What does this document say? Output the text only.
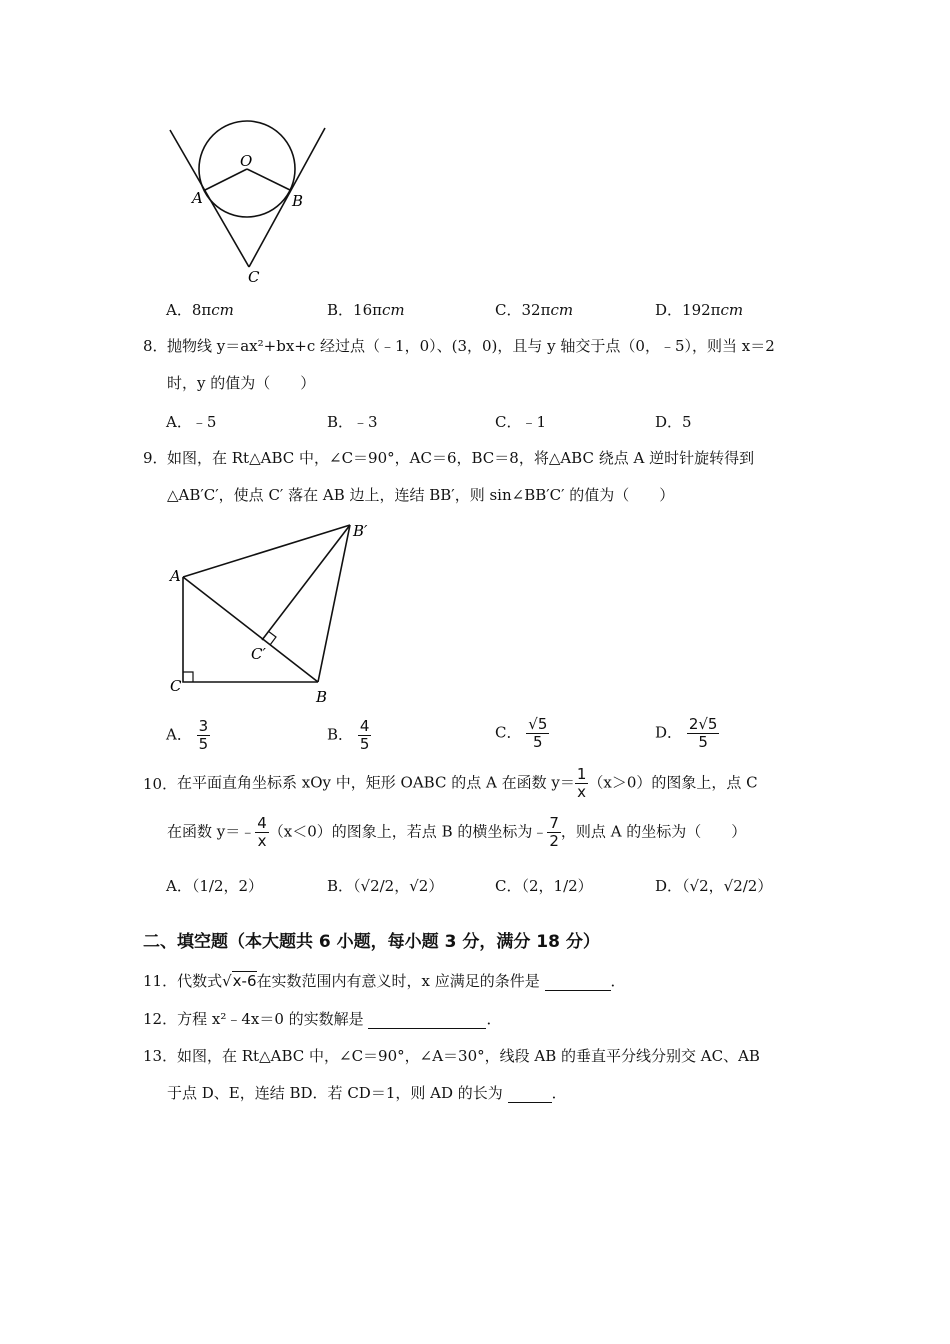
O
A	B
C
A．8πcm	B．16πcm	C．32πcm	D．192πcm
8． 抛物线 y＝ax²+bx+c 经过点（﹣1，0）、(3，0)，且与 y 轴交于点（0，﹣5），则当 x＝2
时，y 的值为（　　）
A．﹣5	B．﹣3	C．﹣1	D．5
9． 如图，在 Rt△ABC 中，∠C＝90°，AC＝6，BC＝8，将△ABC 绕点 A 逆时针旋转得到
△AB′C′，使点 C′ 落在 AB 边上，连结 BB′，则 sin∠BB′C′ 的值为（　　）
A
C
B
B′
C′
A． $\frac{3}{5}$	B． $\frac{4}{5}$	C． $\frac{√5}{5}$	D． $\frac{2√5}{5}$
10． 在平面直角坐标系 xOy 中，矩形 OABC 的点 A 在函数 $y= \frac{1}{x} (x>0)$的图象上，点 C
在函数 y＝﹣ $\frac{4}{x} (x<0)$的图象上，若点 B 的横坐标为﹣ $\frac{7}{2}$ ，则点 A 的坐标为（　　）
A．（1/2，2）	B．（√2/2，√2）	C．（2，1/2）	D．（√2，√2/2）
二、填空题（本大题共 6 小题，每小题 3 分，满分 18 分）
11．代数式√x-6在实数范围内有意义时，x 应满足的条件是	．
12．方程 x²﹣4x＝0 的实数解是	．
13． 如图，在 Rt△ABC 中，∠C＝90°，∠A＝30°，线段 AB 的垂直平分线分别交 AC、AB
于点 D、E，连结 BD．若 CD＝1，则 AD 的长为	．
